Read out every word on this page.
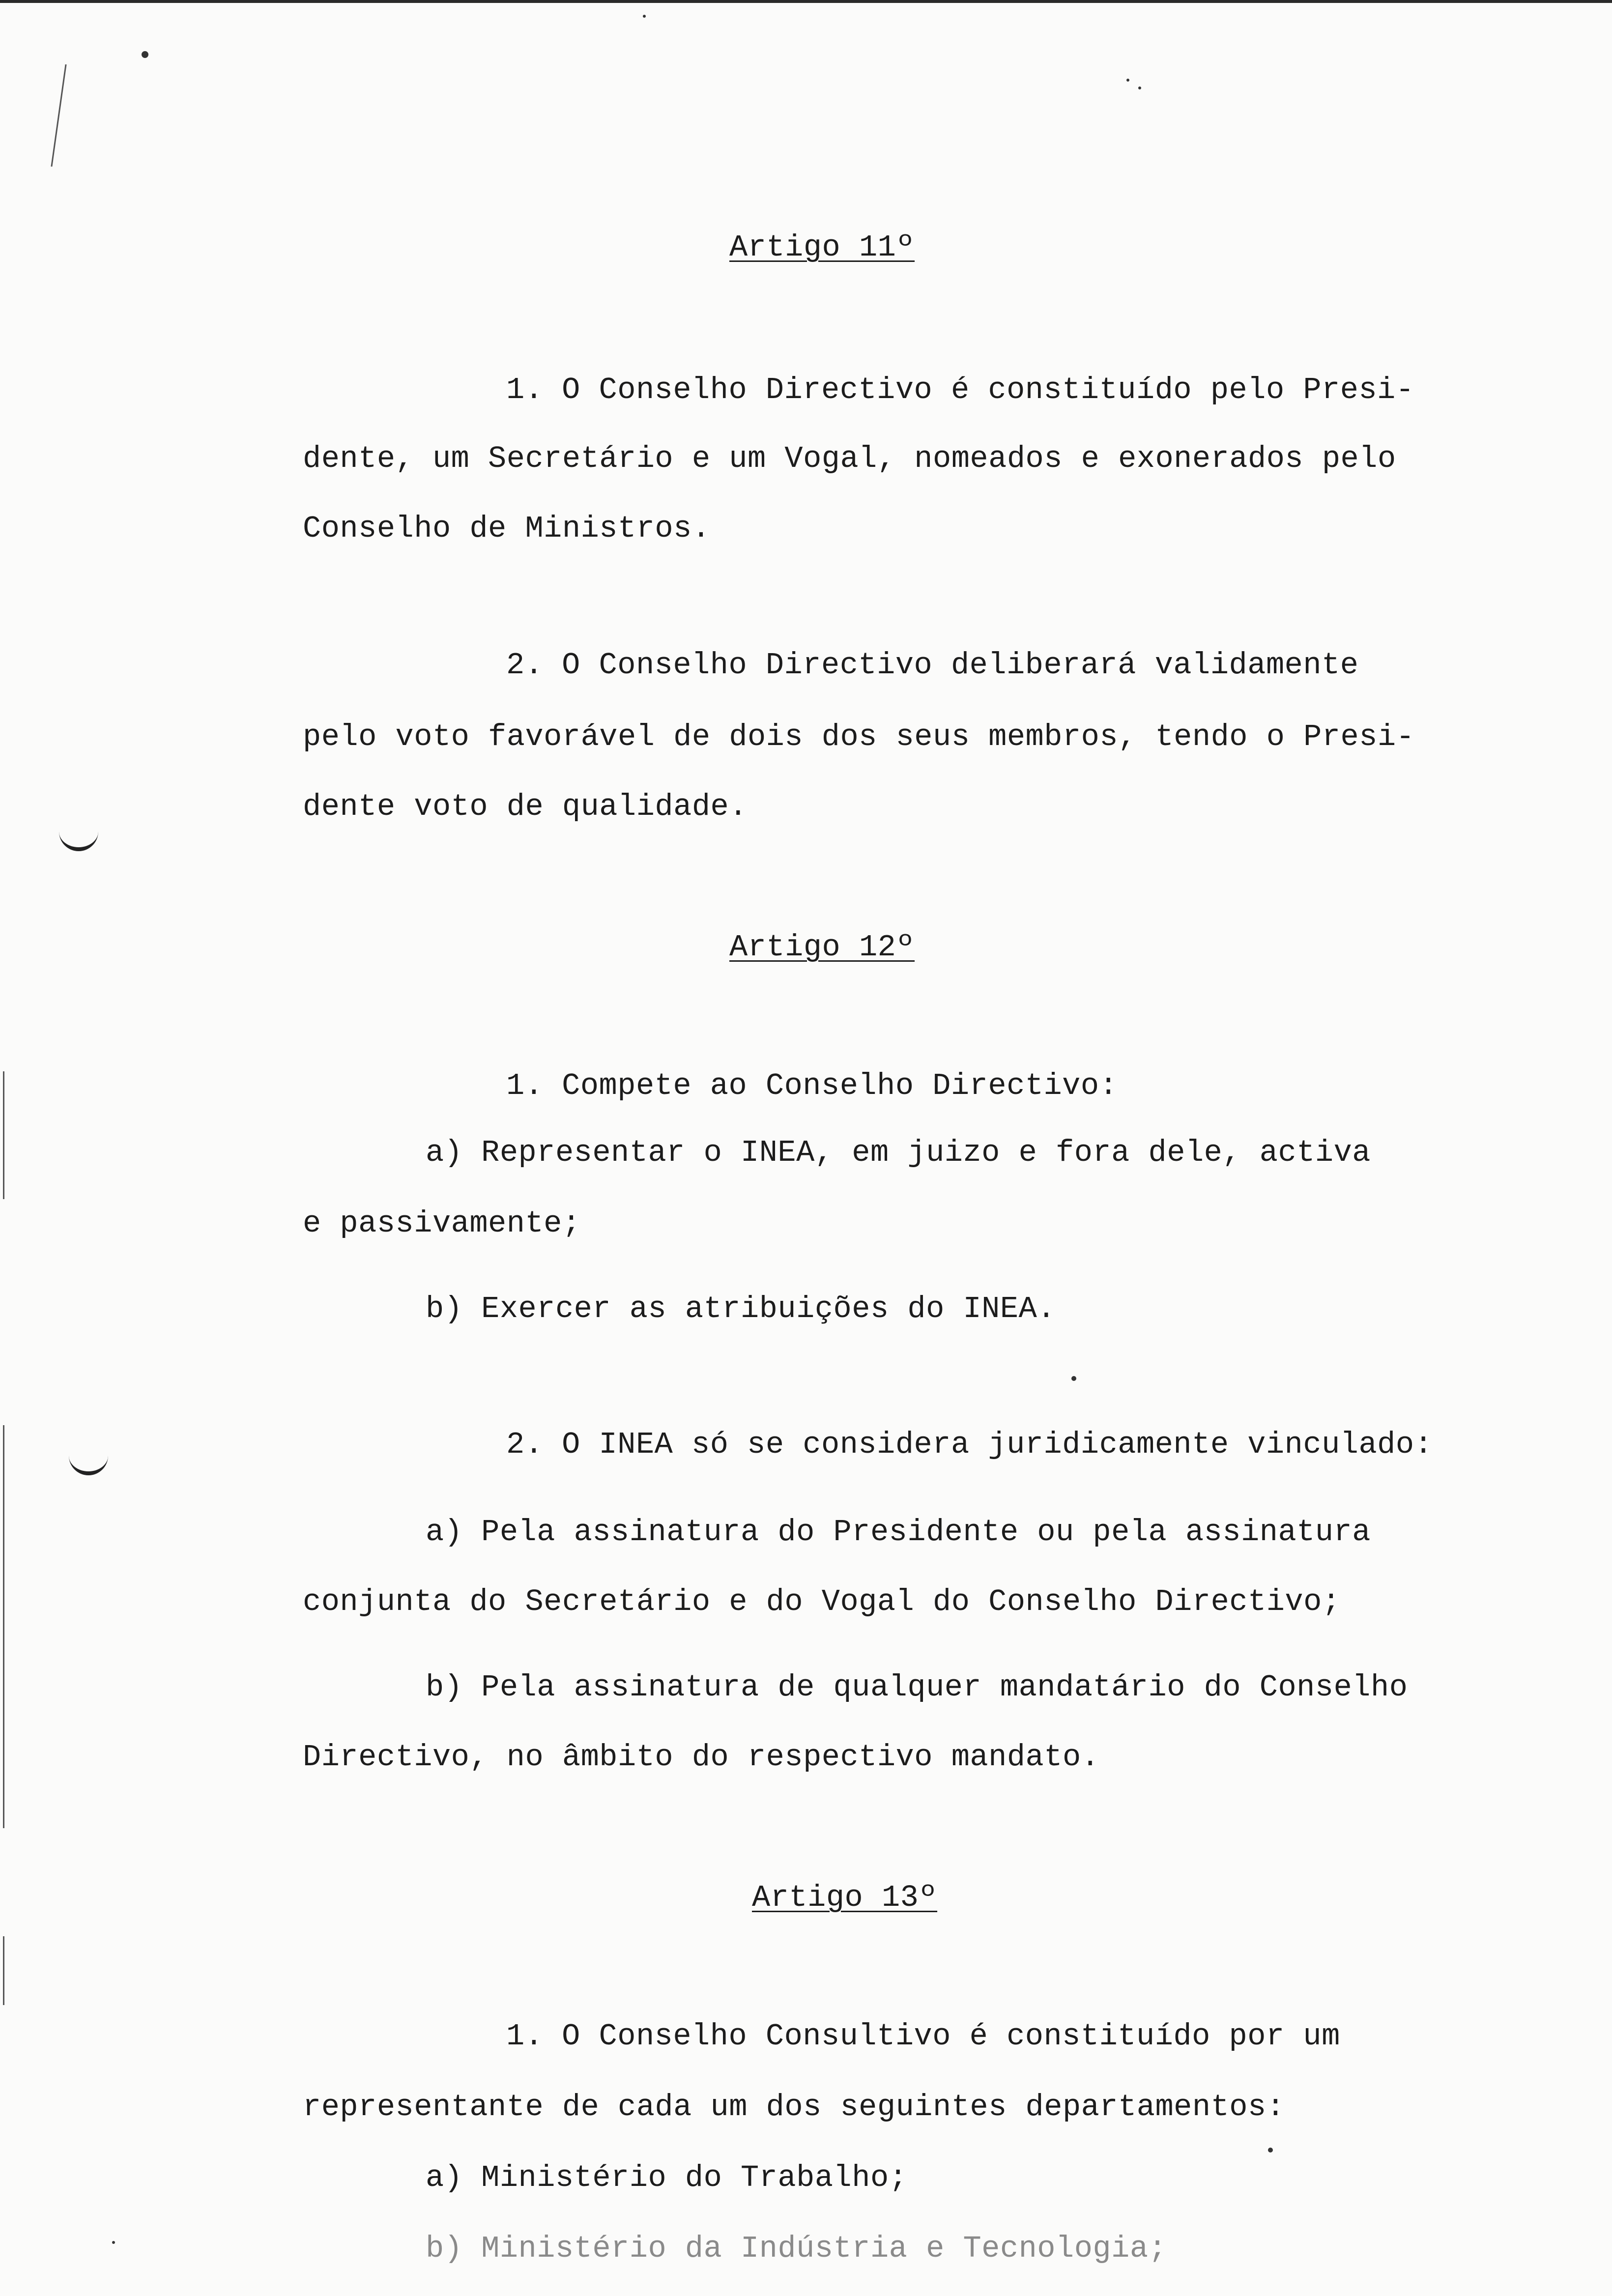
Artigo 11º
1. O Conselho Directivo é constituído pelo Presi-
dente, um Secretário e um Vogal, nomeados e exonerados pelo
Conselho de Ministros.
2. O Conselho Directivo deliberará validamente
pelo voto favorável de dois dos seus membros, tendo o Presi-
dente voto de qualidade.
Artigo 12º
1. Compete ao Conselho Directivo:
a) Representar o INEA, em juizo e fora dele, activa
e passivamente;
b) Exercer as atribuições do INEA.
2. O INEA só se considera juridicamente vinculado:
a) Pela assinatura do Presidente ou pela assinatura
conjunta do Secretário e do Vogal do Conselho Directivo;
b) Pela assinatura de qualquer mandatário do Conselho
Directivo, no âmbito do respectivo mandato.
Artigo 13º
1. O Conselho Consultivo é constituído por um
representante de cada um dos seguintes departamentos:
a) Ministério do Trabalho;
b) Ministério da Indústria e Tecnologia;
